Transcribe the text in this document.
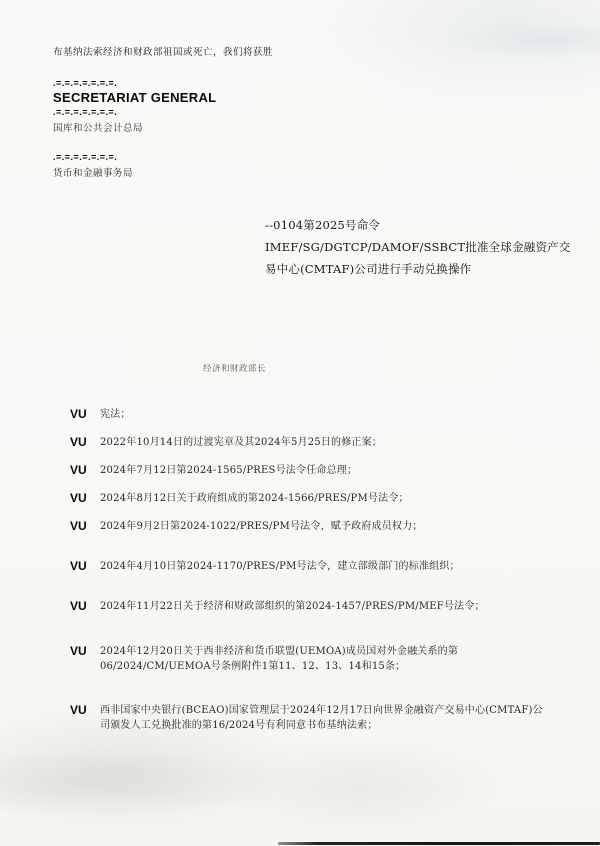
布基纳法索经济和财政部祖国或死亡，我们将获胜
.=.=.=.=.=.=.=.
SECRETARIAT GENERAL
.=.=.=.=.=.=.=.
国库和公共会计总局
.=.=.=.=.=.=.=.
货币和金融事务局
--0104第2025号命令IMEF/SG/DGTCP/DAMOF/SSBCT批准全球金融资产交易中心(CMTAF)公司进行手动兑换操作
经济和财政部长
VU	宪法；
VU	2022年10月14日的过渡宪章及其2024年5月25日的修正案；
VU	2024年7月12日第2024-1565/PRES号法令任命总理；
VU	2024年8月12日关于政府组成的第2024-1566/PRES/PM号法令；
VU	2024年9月2日第2024-1022/PRES/PM号法令，赋予政府成员权力；
VU	2024年4月10日第2024-1170/PRES/PM号法令，建立部级部门的标准组织；
VU	2024年11月22日关于经济和财政部组织的第2024-1457/PRES/PM/MEF号法令；
VU	2024年12月20日关于西非经济和货币联盟(UEMOA)成员国对外金融关系的第06/2024/CM/UEMOA号条例附件1第11、12、13、14和15条；
VU	西非国家中央银行(BCEAO)国家管理层于2024年12月17日向世界金融资产交易中心(CMTAF)公司颁发人工兑换批准的第16/2024号有利同意书布基纳法索；
